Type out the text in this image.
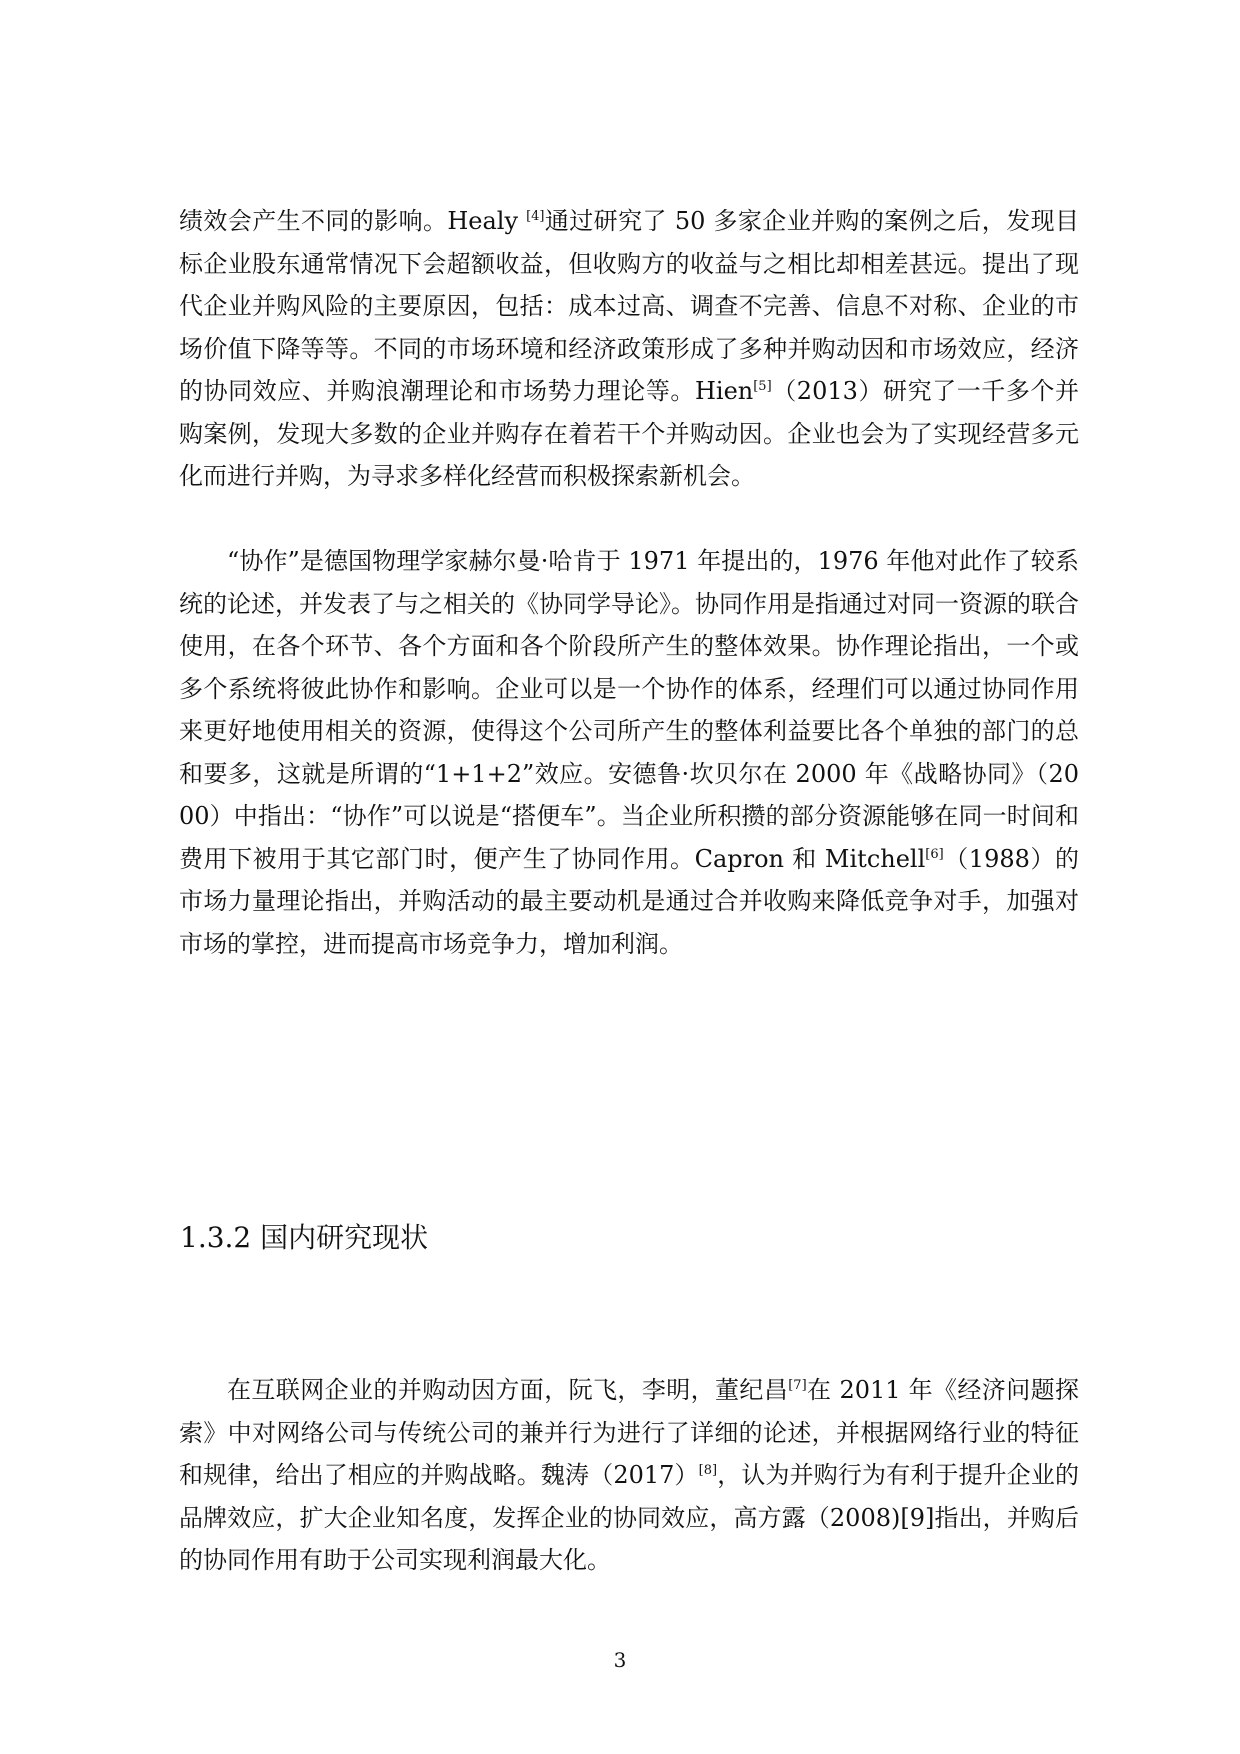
绩效会产生不同的影响。Healy [4]通过研究了 50 多家企业并购的案例之后，发现目标企业股东通常情况下会超额收益，但收购方的收益与之相比却相差甚远。提出了现代企业并购风险的主要原因，包括：成本过高、调查不完善、信息不对称、企业的市场价值下降等等。不同的市场环境和经济政策形成了多种并购动因和市场效应，经济的协同效应、并购浪潮理论和市场势力理论等。Hien[5]（2013）研究了一千多个并购案例，发现大多数的企业并购存在着若干个并购动因。企业也会为了实现经营多元化而进行并购，为寻求多样化经营而积极探索新机会。

“协作”是德国物理学家赫尔曼·哈肯于 1971 年提出的，1976 年他对此作了较系统的论述，并发表了与之相关的《协同学导论》。协同作用是指通过对同一资源的联合使用，在各个环节、各个方面和各个阶段所产生的整体效果。协作理论指出，一个或多个系统将彼此协作和影响。企业可以是一个协作的体系，经理们可以通过协同作用来更好地使用相关的资源，使得这个公司所产生的整体利益要比各个单独的部门的总和要多，这就是所谓的“1+1+2”效应。安德鲁·坎贝尔在 2000 年《战略协同》（2000）中指出：“协作”可以说是“搭便车”。当企业所积攒的部分资源能够在同一时间和费用下被用于其它部门时，便产生了协同作用。Capron 和 Mitchell[6]（1988）的市场力量理论指出，并购活动的最主要动机是通过合并收购来降低竞争对手，加强对市场的掌控，进而提高市场竞争力，增加利润。

1.3.2 国内研究现状

在互联网企业的并购动因方面，阮飞，李明，董纪昌[7]在 2011 年《经济问题探索》中对网络公司与传统公司的兼并行为进行了详细的论述，并根据网络行业的特征和规律，给出了相应的并购战略。魏涛（2017）[8]，认为并购行为有利于提升企业的品牌效应，扩大企业知名度，发挥企业的协同效应，高方露（2008)[9]指出，并购后的协同作用有助于公司实现利润最大化。

3
